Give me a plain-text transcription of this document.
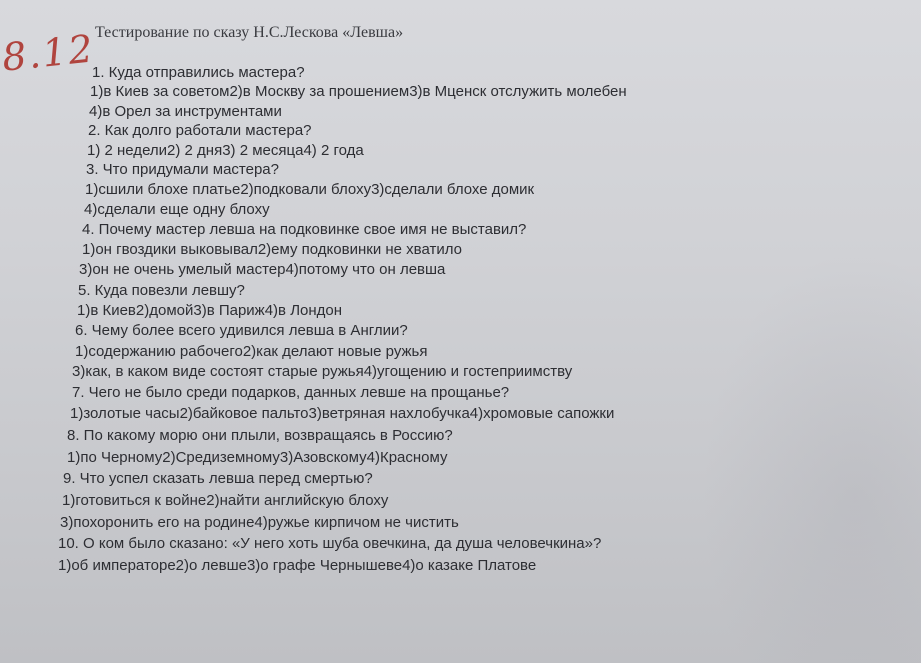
8.12
Тестирование по сказу Н.С.Лескова «Левша»
1. Куда отправились мастера?
1)в Киев за советом2)в Москву за прошением3)в Мценск отслужить молебен
4)в Орел за инструментами
2. Как долго работали мастера?
1) 2 недели2) 2 дня3) 2 месяца4) 2 года
3. Что придумали мастера?
1)сшили блохе платье2)подковали блоху3)сделали блохе домик
4)сделали еще одну блоху
4. Почему мастер левша на подковинке свое имя не выставил?
1)он гвоздики выковывал2)ему подковинки не хватило
3)он не очень умелый мастер4)потому что он левша
5. Куда повезли левшу?
1)в Киев2)домой3)в Париж4)в Лондон
6. Чему более всего удивился левша в Англии?
1)содержанию рабочего2)как делают новые ружья
3)как, в каком виде состоят старые ружья4)угощению и гостеприимству
7. Чего не было среди подарков, данных левше на прощанье?
1)золотые часы2)байковое пальто3)ветряная нахлобучка4)хромовые сапожки
8. По какому морю они плыли, возвращаясь в Россию?
1)по Черному2)Средиземному3)Азовскому4)Красному
9. Что успел сказать левша перед смертью?
1)готовиться к войне2)найти английскую блоху
3)похоронить его на родине4)ружье кирпичом не чистить
10. О ком было сказано: «У него хоть шуба овечкина, да душа человечкина»?
1)об императоре2)о левше3)о графе Чернышеве4)о казаке Платове
